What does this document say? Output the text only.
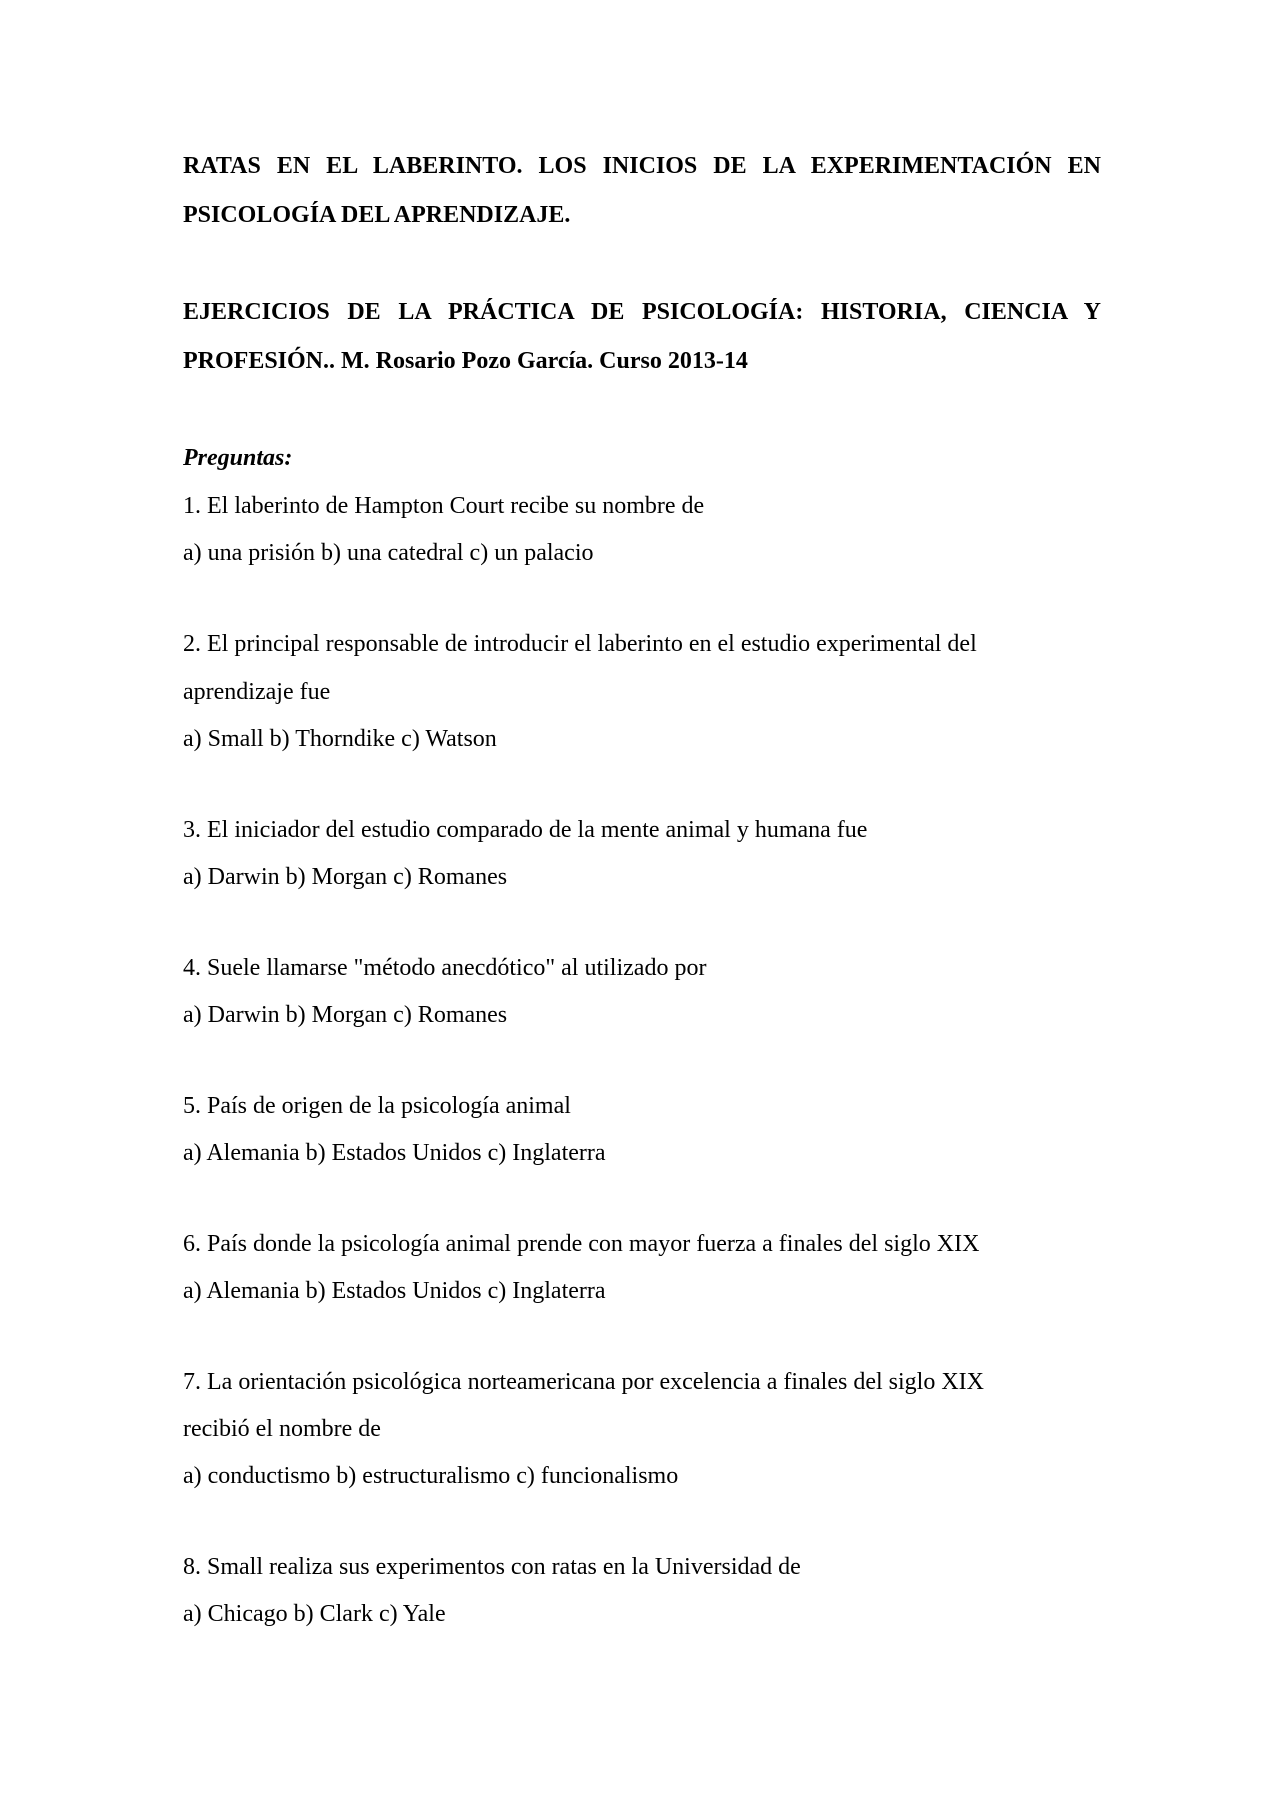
RATAS EN EL LABERINTO. LOS INICIOS DE LA EXPERIMENTACIÓN EN
PSICOLOGÍA DEL APRENDIZAJE.
EJERCICIOS DE LA PRÁCTICA DE PSICOLOGÍA: HISTORIA, CIENCIA Y
PROFESIÓN.. M. Rosario Pozo García. Curso 2013-14
Preguntas:
1. El laberinto de Hampton Court recibe su nombre de
a) una prisión b) una catedral c) un palacio
2. El principal responsable de introducir el laberinto en el estudio experimental del
aprendizaje fue
a) Small b) Thorndike c) Watson
3. El iniciador del estudio comparado de la mente animal y humana fue
a) Darwin b) Morgan c) Romanes
4. Suele llamarse "método anecdótico" al utilizado por
a) Darwin b) Morgan c) Romanes
5. País de origen de la psicología animal
a) Alemania b) Estados Unidos c) Inglaterra
6. País donde la psicología animal prende con mayor fuerza a finales del siglo XIX
a) Alemania b) Estados Unidos c) Inglaterra
7. La orientación psicológica norteamericana por excelencia a finales del siglo XIX
recibió el nombre de
a) conductismo b) estructuralismo c) funcionalismo
8. Small realiza sus experimentos con ratas en la Universidad de
a) Chicago b) Clark c) Yale
